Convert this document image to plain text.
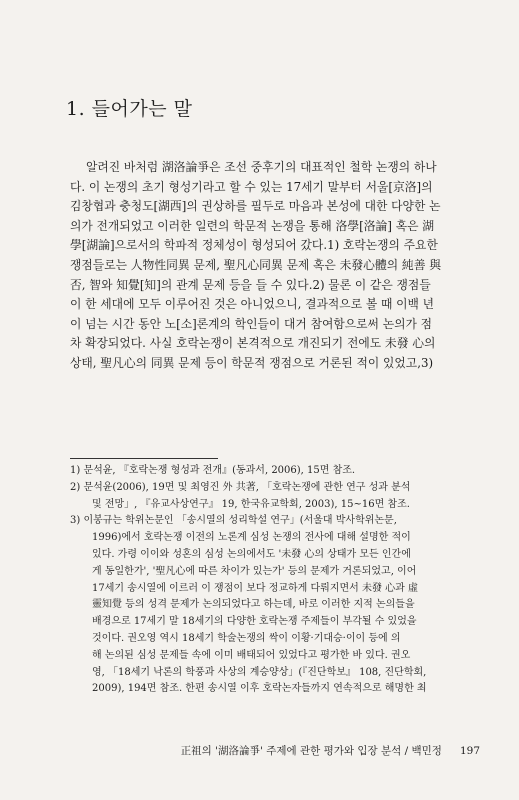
1. 들어가는 말
알려진 바처럼 湖洛論爭은 조선 중후기의 대표적인 철학 논쟁의 하나
다. 이 논쟁의 초기 형성기라고 할 수 있는 17세기 말부터 서울[京洛]의
김창협과 충청도[湖西]의 권상하를 필두로 마음과 본성에 대한 다양한 논
의가 전개되었고 이러한 일련의 학문적 논쟁을 통해 洛學[洛論] 혹은 湖
學[湖論]으로서의 학파적 정체성이 형성되어 갔다.1) 호락논쟁의 주요한
쟁점들로는 人物性同異 문제, 聖凡心同異 문제 혹은 未發心體의 純善 與
否, 智와 知覺[知]의 관계 문제 등을 들 수 있다.2) 물론 이 같은 쟁점들
이 한 세대에 모두 이루어진 것은 아니었으니, 결과적으로 볼 때 이백 년
이 넘는 시간 동안 노[소]론계의 학인들이 대거 참여함으로써 논의가 점
차 확장되었다. 사실 호락논쟁이 본격적으로 개진되기 전에도 未發 心의
상태, 聖凡心의 同異 문제 등이 학문적 쟁점으로 거론된 적이 있었고,3)
1) 문석윤, 『호락논쟁 형성과 전개』(동과서, 2006), 15면 참조.
2) 문석윤(2006), 19면 및 최영진 外 共著, 「호락논쟁에 관한 연구 성과 분석
및 전망」, 『유교사상연구』 19, 한국유교학회, 2003), 15~16면 참조.
3) 이봉규는 학위논문인 「송시열의 성리학설 연구」(서울대 박사학위논문,
1996)에서 호락논쟁 이전의 노론계 심성 논쟁의 전사에 대해 설명한 적이
있다. 가령 이이와 성혼의 심성 논의에서도 '未發 心의 상태가 모든 인간에
게 동일한가', '聖凡心에 따른 차이가 있는가' 등의 문제가 거론되었고, 이어
17세기 송시열에 이르러 이 쟁점이 보다 정교하게 다뤄지면서 未發 心과 虛
靈知覺 등의 성격 문제가 논의되었다고 하는데, 바로 이러한 지적 논의들을
배경으로 17세기 말 18세기의 다양한 호락논쟁 주제들이 부각될 수 있었을
것이다. 권오영 역시 18세기 학술논쟁의 싹이 이황·기대승·이이 등에 의
해 논의된 심성 문제들 속에 이미 배태되어 있었다고 평가한 바 있다. 권오
영, 「18세기 낙론의 학풍과 사상의 계승양상」(『진단학보』 108, 진단학회,
2009), 194면 참조. 한편 송시열 이후 호락논자들까지 연속적으로 해명한 최
正祖의 '湖洛論爭' 주제에 관한 평가와 입장 분석 / 백민정 197
